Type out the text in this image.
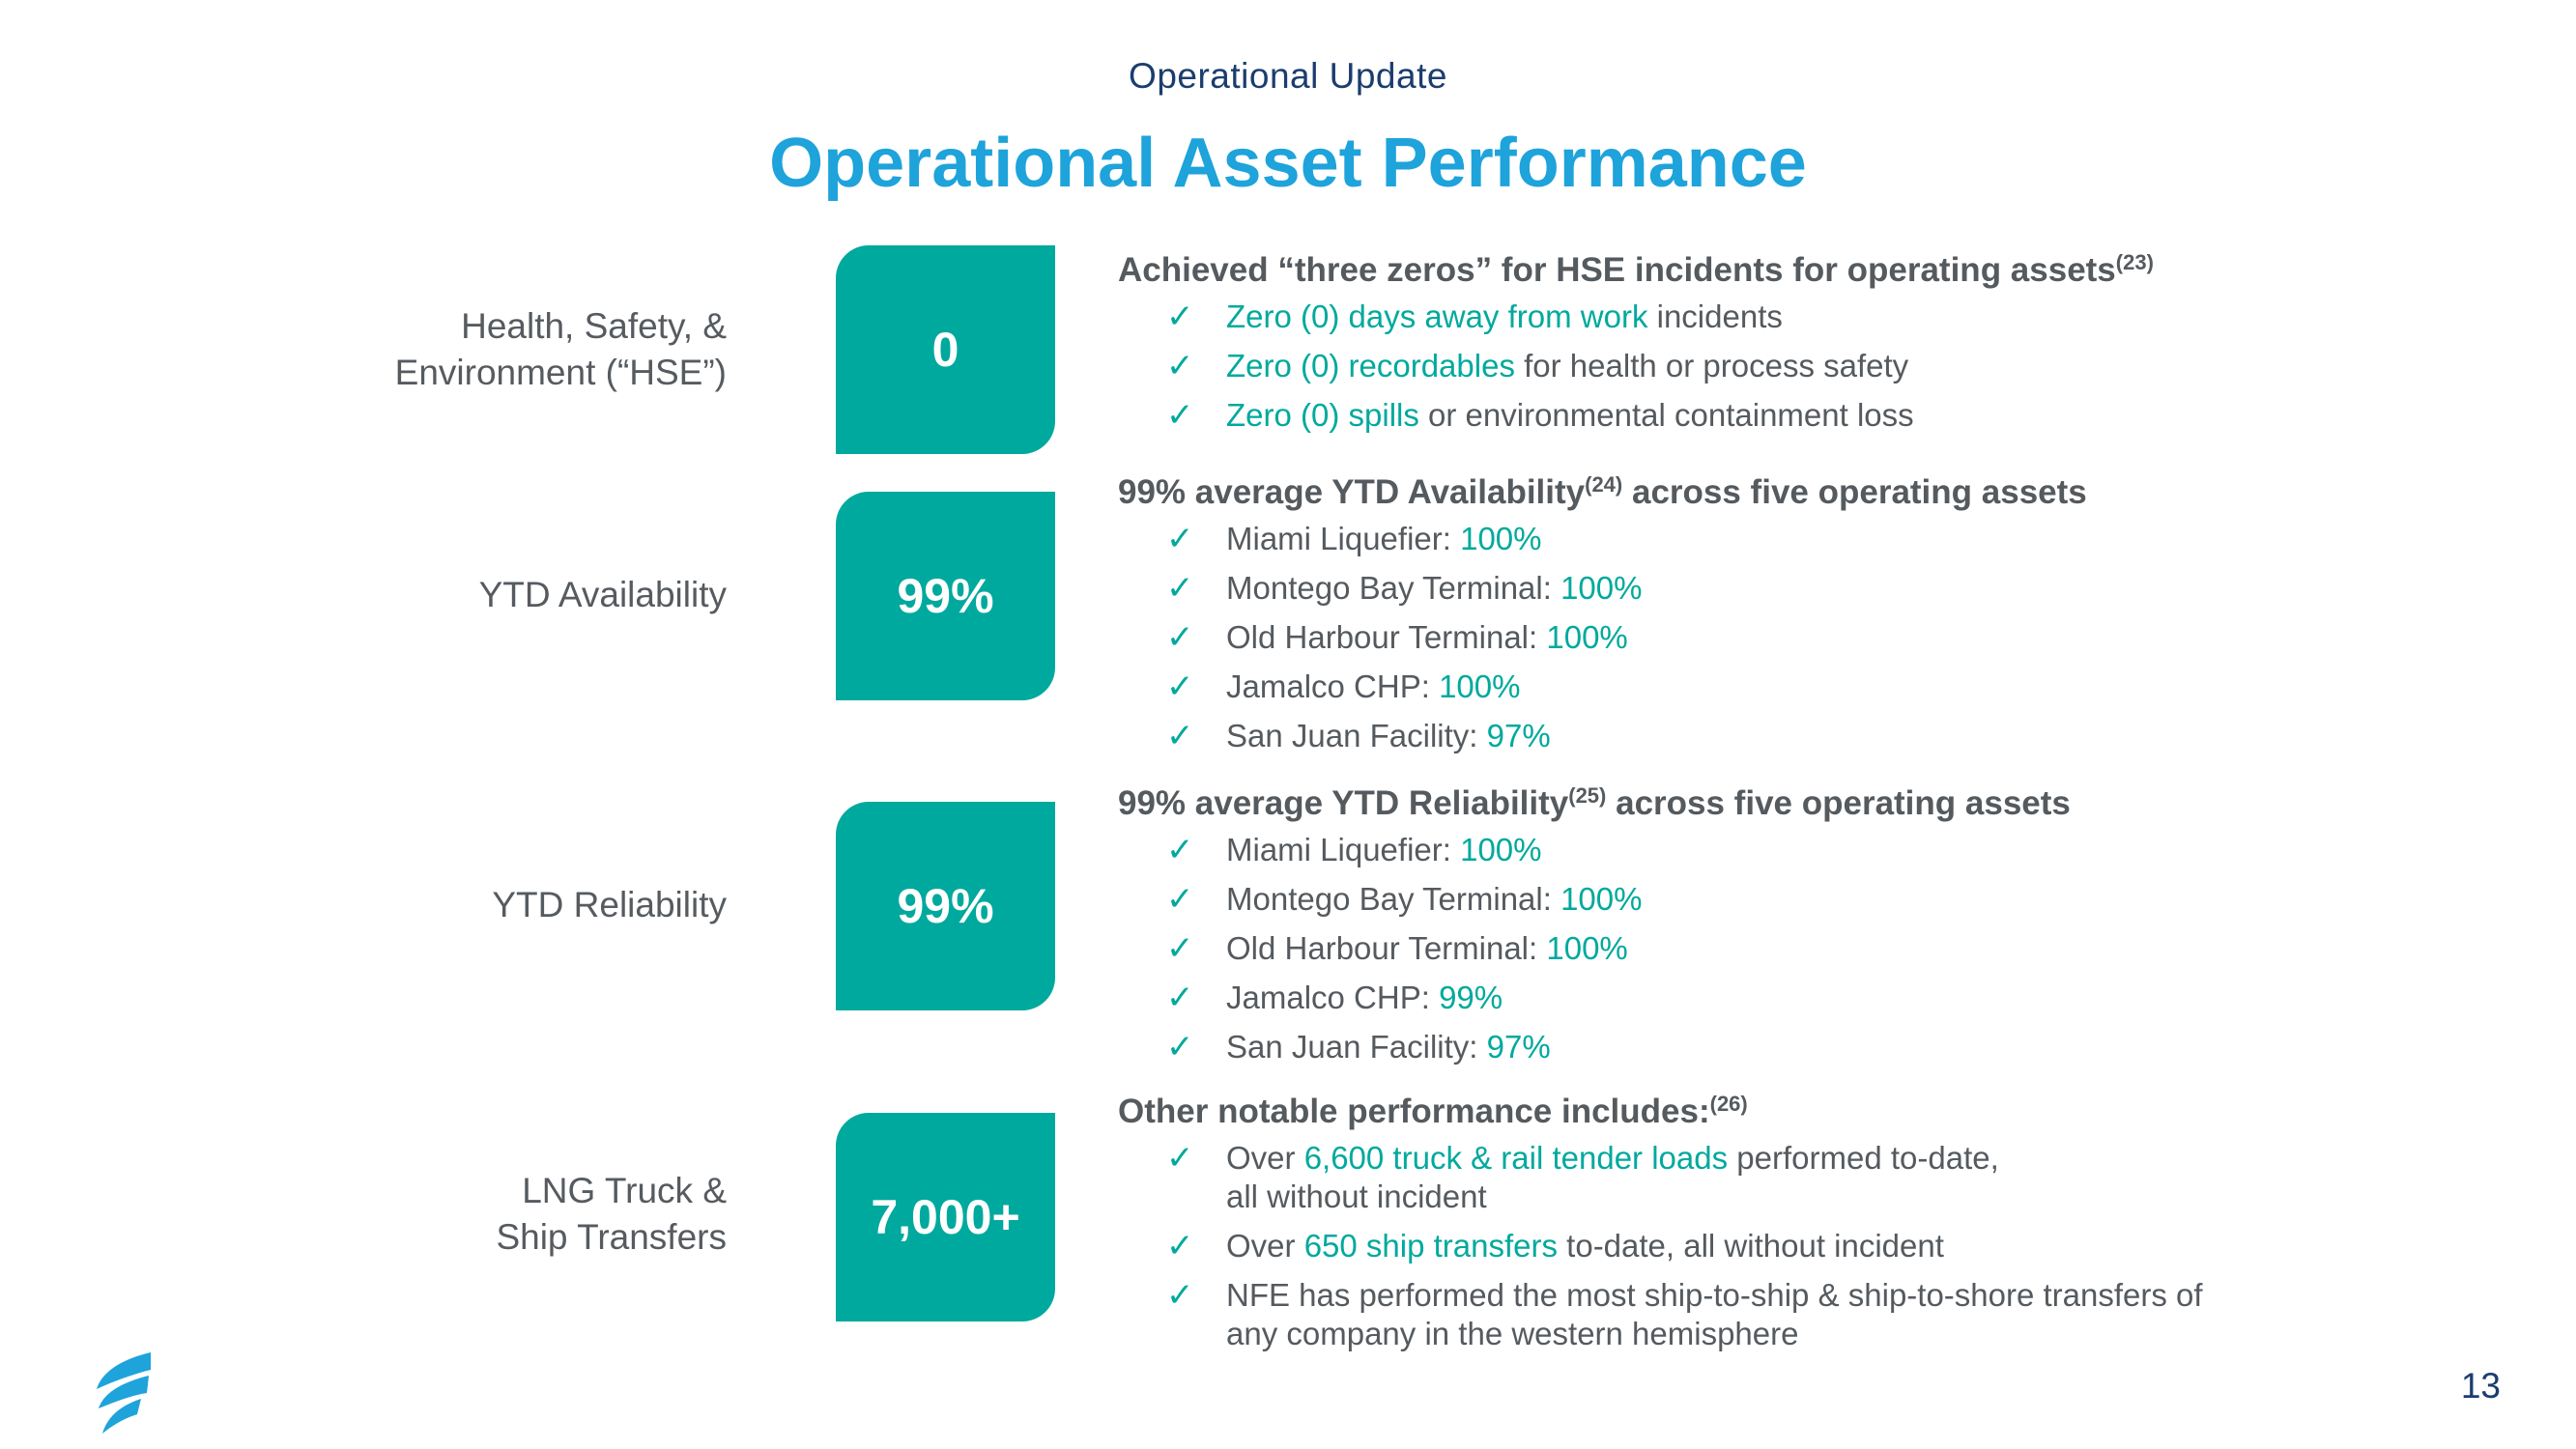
Operational Update
Operational Asset Performance
Health, Safety, &
Environment (“HSE”)	0
Achieved “three zeros” for HSE incidents for operating assets$^{(23)}$
✓ Zero (0) days away from work incidents
✓ Zero (0) recordables for health or process safety
✓ Zero (0) spills or environmental containment loss
YTD Availability	99%
99% average YTD Availability$^{(24)}$ across five operating assets
✓ Miami Liquefier: 100%
✓ Montego Bay Terminal: 100%
✓ Old Harbour Terminal: 100%
✓ Jamalco CHP: 100%
✓ San Juan Facility: 97%
YTD Reliability	99%
99% average YTD Reliability$^{(25)}$ across five operating assets
✓ Miami Liquefier: 100%
✓ Montego Bay Terminal: 100%
✓ Old Harbour Terminal: 100%
✓ Jamalco CHP: 99%
✓ San Juan Facility: 97%
LNG Truck &
Ship Transfers	7,000+
Other notable performance includes:$^{(26)}$
✓ Over 6,600 truck & rail tender loads performed to-date,
all without incident
✓ Over 650 ship transfers to-date, all without incident
✓ NFE has performed the most ship-to-ship & ship-to-shore transfers of
any company in the western hemisphere
13
